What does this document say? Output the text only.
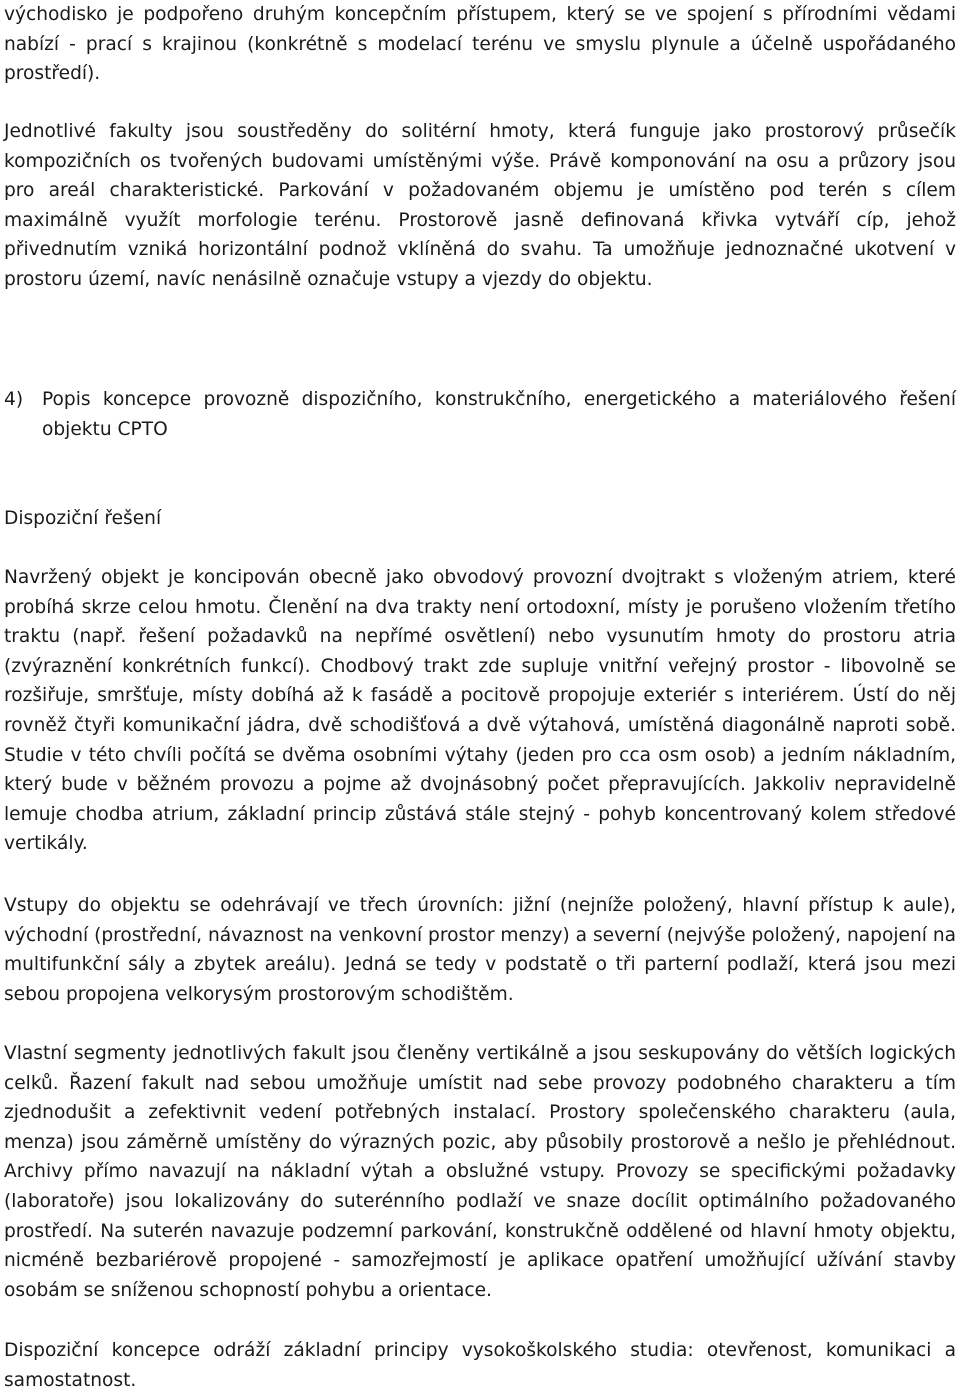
východisko je podpořeno druhým koncepčním přístupem, který se ve spojení s přírodními vědami nabízí - prací s krajinou (konkrétně s modelací terénu ve smyslu plynule a účelně uspořádaného prostředí).

Jednotlivé fakulty jsou soustředěny do solitérní hmoty, která funguje jako prostorový průsečík kompozičních os tvořených budovami umístěnými výše. Právě komponování na osu a průzory jsou pro areál charakteristické. Parkování v požadovaném objemu je umístěno pod terén s cílem maximálně využít morfologie terénu. Prostorově jasně definovaná křivka vytváří cíp, jehož přivednutím vzniká horizontální podnož vklíněná do svahu. Ta umožňuje jednoznačné ukotvení v prostoru území, navíc nenásilně označuje vstupy a vjezdy do objektu.

4) Popis koncepce provozně dispozičního, konstrukčního, energetického a materiálového řešení objektu CPTO

Dispoziční řešení

Navržený objekt je koncipován obecně jako obvodový provozní dvojtrakt s vloženým atriem, které probíhá skrze celou hmotu. Členění na dva trakty není ortodoxní, místy je porušeno vložením třetího traktu (např. řešení požadavků na nepřímé osvětlení) nebo vysunutím hmoty do prostoru atria (zvýraznění konkrétních funkcí). Chodbový trakt zde supluje vnitřní veřejný prostor - libovolně se rozšiřuje, smršťuje, místy dobíhá až k fasádě a pocitově propojuje exteriér s interiérem. Ústí do něj rovněž čtyři komunikační jádra, dvě schodišťová a dvě výtahová, umístěná diagonálně naproti sobě. Studie v této chvíli počítá se dvěma osobními výtahy (jeden pro cca osm osob) a jedním nákladním, který bude v běžném provozu a pojme až dvojnásobný počet přepravujících. Jakkoliv nepravidelně lemuje chodba atrium, základní princip zůstává stále stejný - pohyb koncentrovaný kolem středové vertikály.

Vstupy do objektu se odehrávají ve třech úrovních: jižní (nejníže položený, hlavní přístup k aule), východní (prostřední, návaznost na venkovní prostor menzy) a severní (nejvýše položený, napojení na multifunkční sály a zbytek areálu). Jedná se tedy v podstatě o tři parterní podlaží, která jsou mezi sebou propojena velkorysým prostorovým schodištěm.

Vlastní segmenty jednotlivých fakult jsou členěny vertikálně a jsou seskupovány do větších logických celků. Řazení fakult nad sebou umožňuje umístit nad sebe provozy podobného charakteru a tím zjednodušit a zefektivnit vedení potřebných instalací. Prostory společenského charakteru (aula, menza) jsou záměrně umístěny do výrazných pozic, aby působily prostorově a nešlo je přehlédnout. Archivy přímo navazují na nákladní výtah a obslužné vstupy. Provozy se specifickými požadavky (laboratoře) jsou lokalizovány do suterénního podlaží ve snaze docílit optimálního požadovaného prostředí. Na suterén navazuje podzemní parkování, konstrukčně oddělené od hlavní hmoty objektu, nicméně bezbariérově propojené - samozřejmostí je aplikace opatření umožňující užívání stavby osobám se sníženou schopností pohybu a orientace.

Dispoziční koncepce odráží základní principy vysokoškolského studia: otevřenost, komunikaci a samostatnost.
